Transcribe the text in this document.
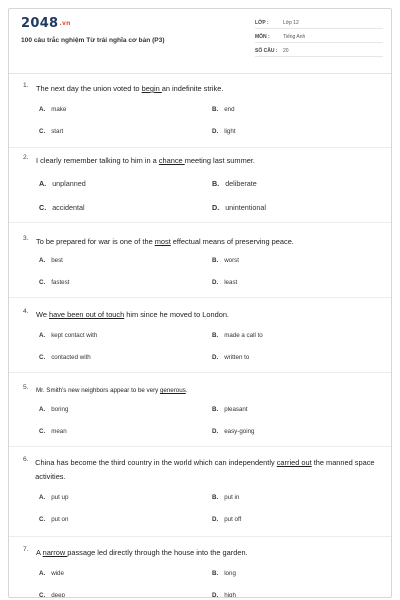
$2048^{.vn}$
100 câu trắc nghiệm Từ trái nghĩa cơ bản (P3)
LỚP :	Lớp 12
MÔN :	Tiếng Anh
SỐ CÂU :	20
1.	The next day the union voted to begin an indefinite strike.
A. make	B. end
C. start	D. light
2.	I clearly remember talking to him in a chance meeting last summer.
A. unplanned	B. deliberate
C. accidental	D. unintentional
3.	To be prepared for war is one of the most effectual means of preserving peace.
A. best	B. worst
C. fastest	D. least
4.	We have been out of touch him since he moved to London.
A. kept contact with	B. made a call to
C. contacted with	D. written to
5.	Mr. Smith's new neighbors appear to be very generous.
A. boring	B. pleasant
C. mean	D. easy-going
6. China has become the third country in the world which can independently carried out the manned space activities.
A. put up	B. put in
C. put on	D. put off
7.	A narrow passage led directly through the house into the garden.
A. wide	B. long
C. deep	D. high
